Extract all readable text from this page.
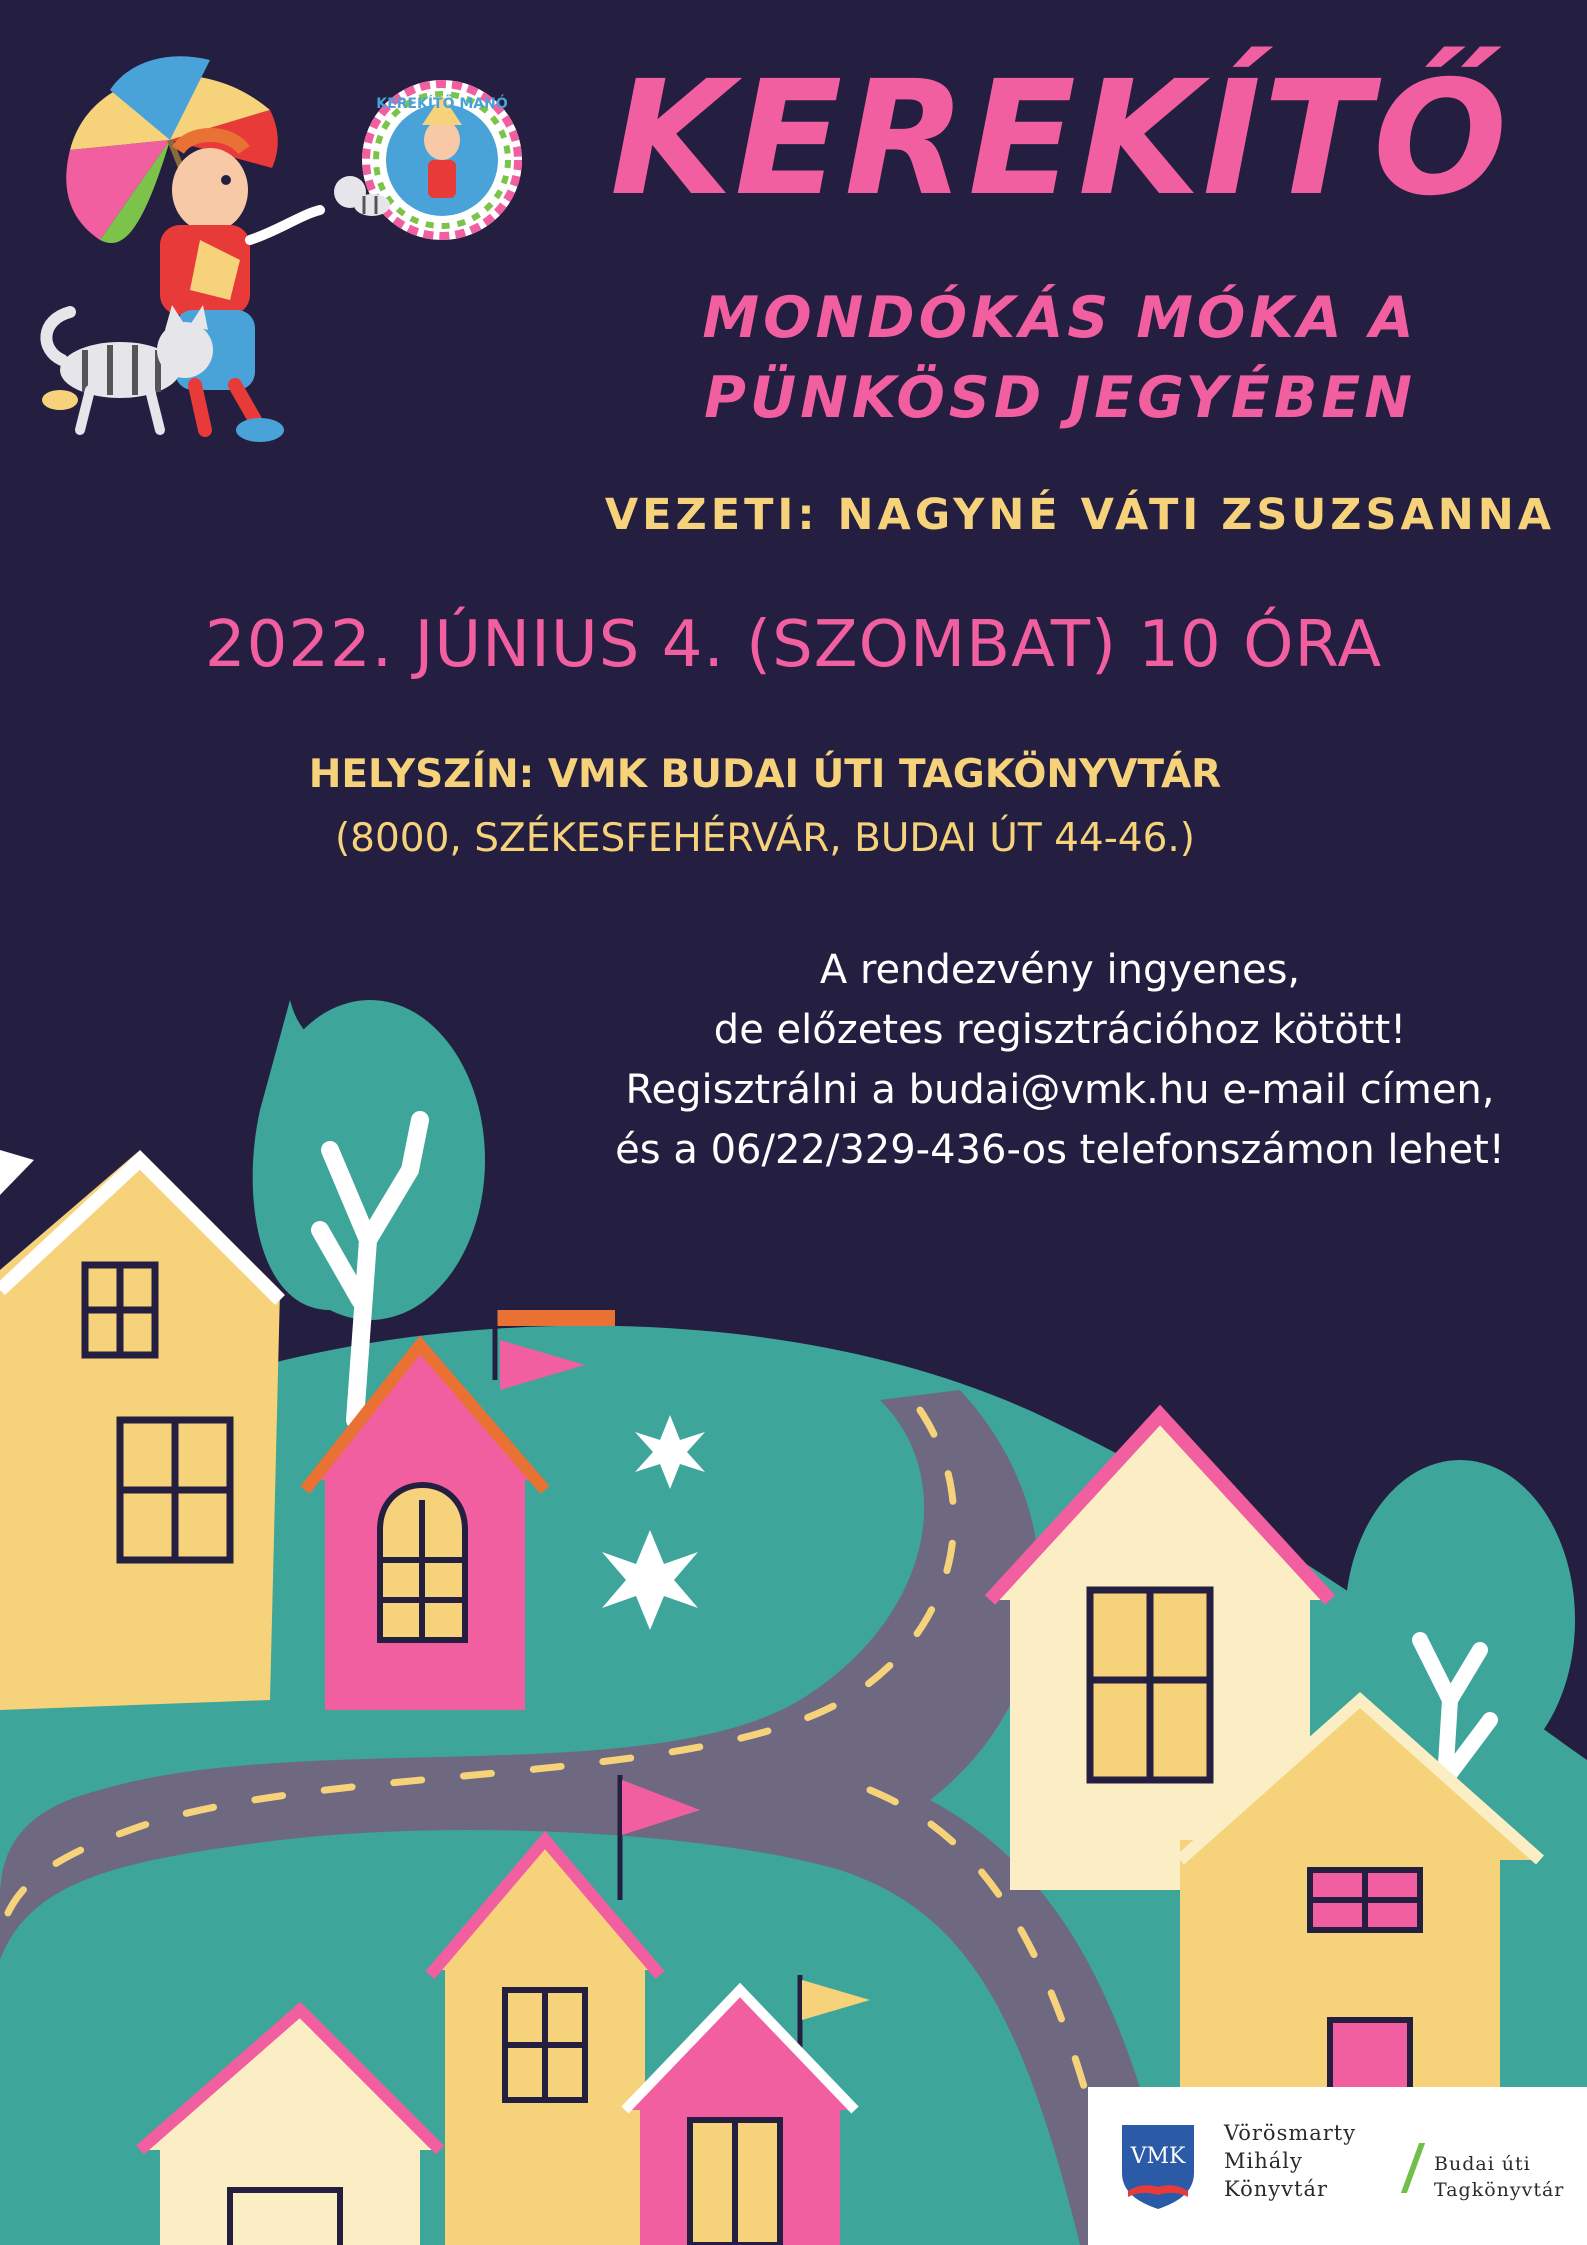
KEREKÍTŐ MANÓ KEREKÍTŐ
MONDÓKÁS MÓKA A
PÜNKÖSD JEGYÉBEN
VEZETI: NAGYNÉ VÁTI ZSUZSANNA
2022. JÚNIUS 4. (SZOMBAT) 10 ÓRA
HELYSZÍN: VMK BUDAI ÚTI TAGKÖNYVTÁR
(8000, SZÉKESFEHÉRVÁR, BUDAI ÚT 44-46.)
A rendezvény ingyenes,
de előzetes regisztrációhoz kötött!
Regisztrálni a budai@vmk.hu e-mail címen,
és a 06/22/329-436-os telefonszámon lehet!
VMK
Vörösmarty
Mihály
Könyvtár
Budai úti
Tagkönyvtár
